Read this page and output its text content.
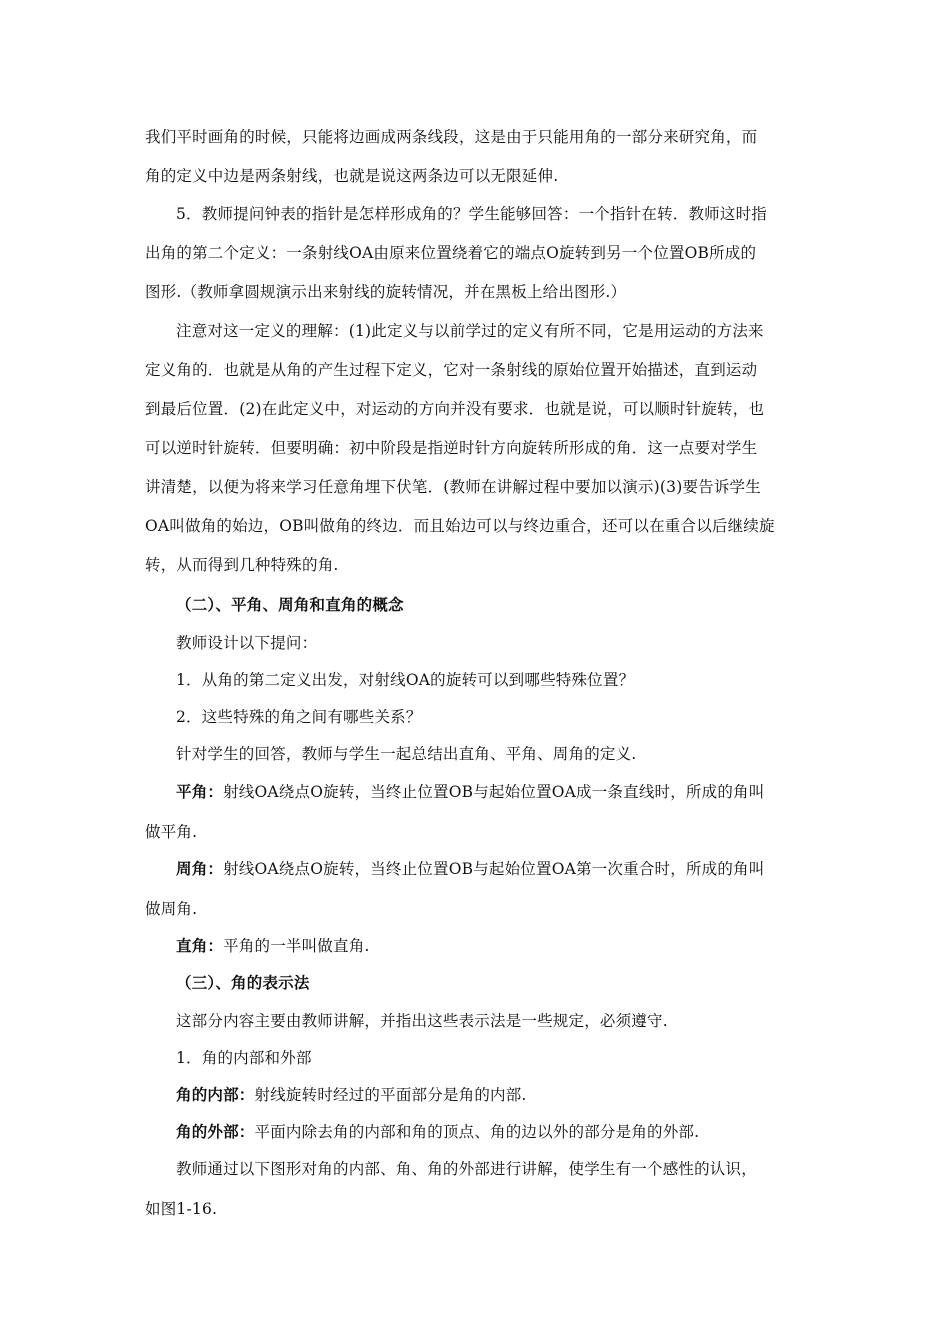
我们平时画角的时候，只能将边画成两条线段，这是由于只能用角的一部分来研究角，而
角的定义中边是两条射线，也就是说这两条边可以无限延伸.
5．教师提问钟表的指针是怎样形成角的？学生能够回答：一个指针在转．教师这时指
出角的第二个定义：一条射线OA由原来位置绕着它的端点O旋转到另一个位置OB所成的
图形.（教师拿圆规演示出来射线的旋转情况，并在黑板上给出图形.）
注意对这一定义的理解：(1)此定义与以前学过的定义有所不同，它是用运动的方法来
定义角的．也就是从角的产生过程下定义，它对一条射线的原始位置开始描述，直到运动
到最后位置．(2)在此定义中，对运动的方向并没有要求．也就是说，可以顺时针旋转，也
可以逆时针旋转．但要明确：初中阶段是指逆时针方向旋转所形成的角．这一点要对学生
讲清楚，以便为将来学习任意角埋下伏笔．(教师在讲解过程中要加以演示)(3)要告诉学生
OA叫做角的始边，OB叫做角的终边．而且始边可以与终边重合，还可以在重合以后继续旋
转，从而得到几种特殊的角.
（二）、平角、周角和直角的概念
教师设计以下提问：
1．从角的第二定义出发，对射线OA的旋转可以到哪些特殊位置？
2．这些特殊的角之间有哪些关系？
针对学生的回答，教师与学生一起总结出直角、平角、周角的定义.
平角：射线OA绕点O旋转，当终止位置OB与起始位置OA成一条直线时，所成的角叫
做平角.
周角：射线OA绕点O旋转，当终止位置OB与起始位置OA第一次重合时，所成的角叫
做周角.
直角：平角的一半叫做直角.
（三）、角的表示法
这部分内容主要由教师讲解，并指出这些表示法是一些规定，必须遵守.
1．角的内部和外部
角的内部：射线旋转时经过的平面部分是角的内部.
角的外部：平面内除去角的内部和角的顶点、角的边以外的部分是角的外部.
教师通过以下图形对角的内部、角、角的外部进行讲解，使学生有一个感性的认识，
如图1-16.
